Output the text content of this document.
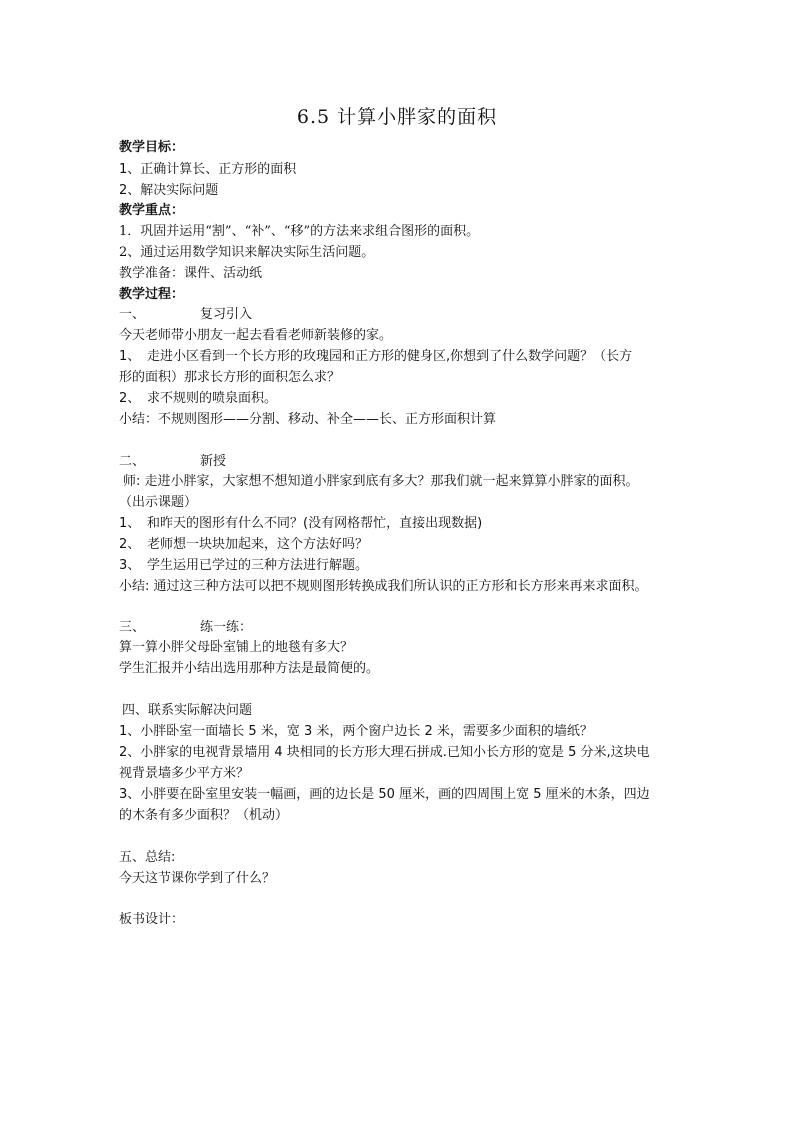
6.5 计算小胖家的面积
教学目标：
1、正确计算长、正方形的面积
2、解决实际问题
教学重点：
1．巩固并运用“割”、“补”、“移”的方法来求组合图形的面积。
2、通过运用数学知识来解决实际生活问题。
教学准备：课件、活动纸
教学过程：
一、	复习引入
今天老师带小朋友一起去看看老师新装修的家。
1、 走进小区看到一个长方形的玫瑰园和正方形的健身区,你想到了什么数学问题？（长方
形的面积）那求长方形的面积怎么求？
2、 求不规则的喷泉面积。
小结：不规则图形——分割、移动、补全——长、正方形面积计算
二、	新授
师: 走进小胖家，大家想不想知道小胖家到底有多大？那我们就一起来算算小胖家的面积。
（出示课题）
1、 和昨天的图形有什么不同？(没有网格帮忙，直接出现数据)
2、 老师想一块块加起来，这个方法好吗？
3、 学生运用已学过的三种方法进行解题。
小结: 通过这三种方法可以把不规则图形转换成我们所认识的正方形和长方形来再来求面积。
三、	练一练：
算一算小胖父母卧室铺上的地毯有多大？
学生汇报并小结出选用那种方法是最简便的。
四、联系实际解决问题
1、小胖卧室一面墙长 5 米，宽 3 米，两个窗户边长 2 米，需要多少面积的墙纸？
2、小胖家的电视背景墙用 4 块相同的长方形大理石拼成.已知小长方形的宽是 5 分米,这块电
视背景墙多少平方米？
3、小胖要在卧室里安装一幅画，画的边长是 50 厘米，画的四周围上宽 5 厘米的木条，四边
的木条有多少面积？（机动）
五、总结:
今天这节课你学到了什么？
板书设计：
